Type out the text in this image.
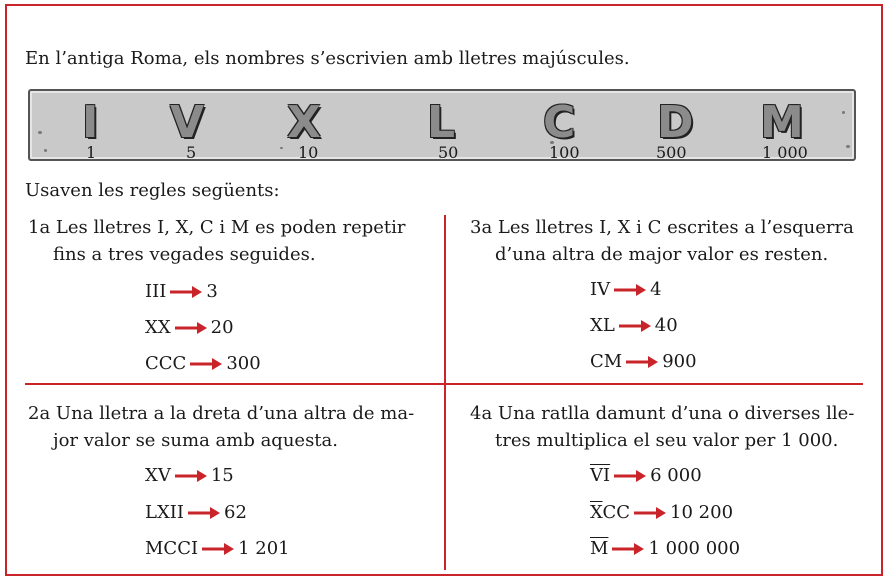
En l’antiga Roma, els nombres s’escrivien amb lletres majúscules.
I V X L C D M
1	5	10	50	100	500	1 000
Usaven les regles següents:
1a Les lletres I, X, C i M es poden repetir
fins a tres vegades seguides.
III 3
XX 20
CCC 300
3a Les lletres I, X i C escrites a l’esquerra
d’una altra de major valor es resten.
IV 4
XL 40
CM 900
2a Una lletra a la dreta d’una altra de ma-
jor valor se suma amb aquesta.
XV 15
LXII 62
MCCI 1 201
4a Una ratlla damunt d’una o diverses lle-
tres multiplica el seu valor per 1 000.
$\overline{VI}$ 6 000
$\overline{X}CC$ 10 200
$\overline{M}$ 1 000 000
